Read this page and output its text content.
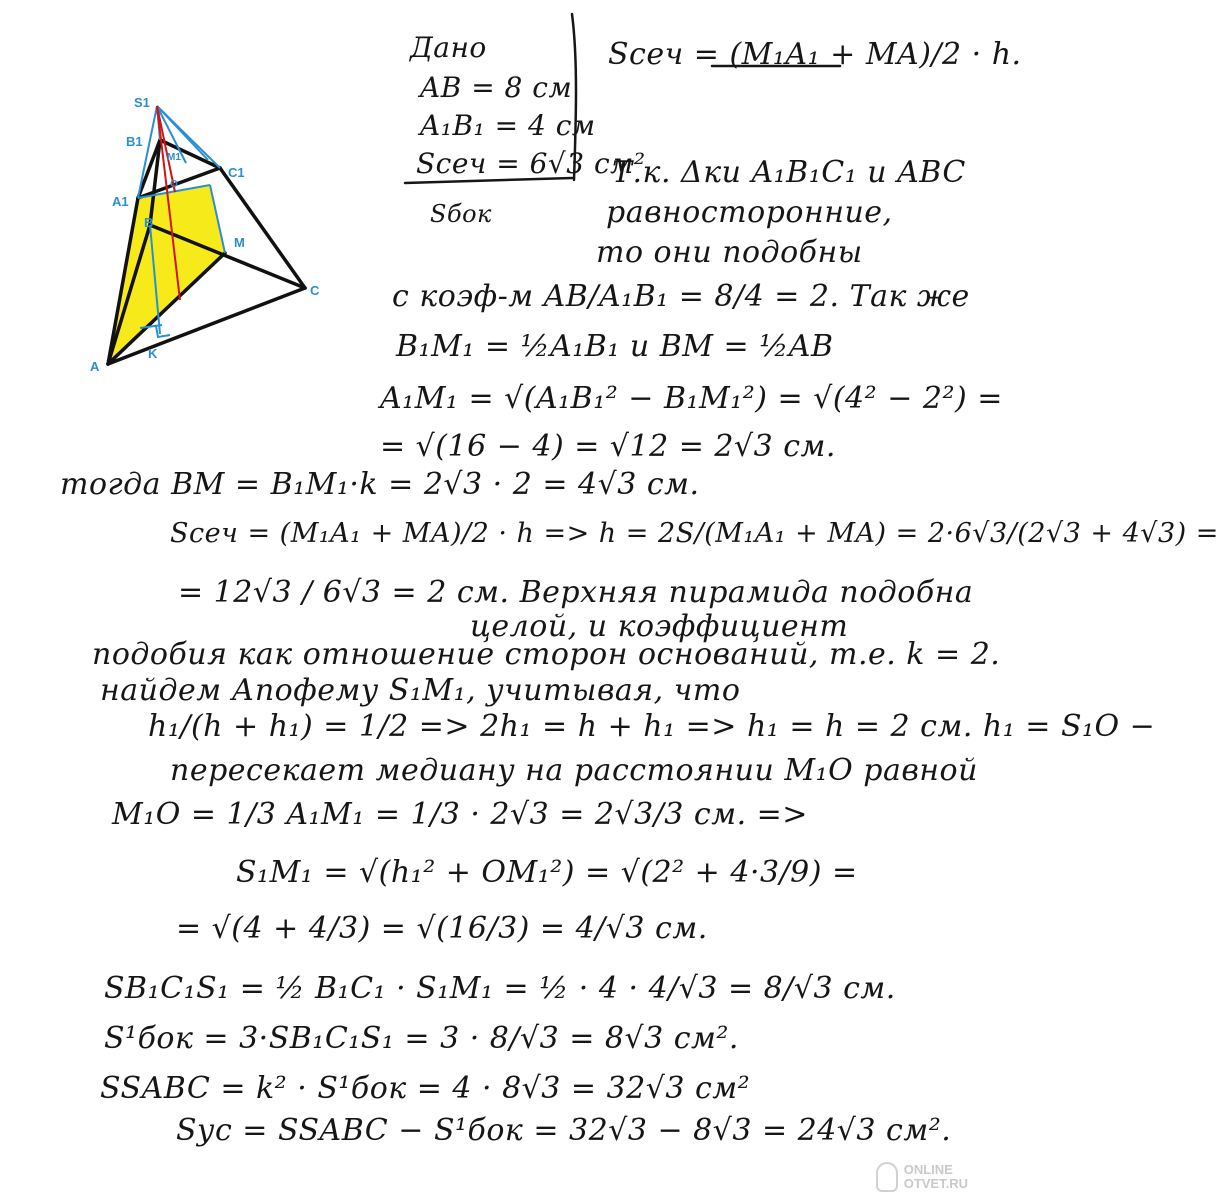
S1
B1
M1
C1
A1
O
B
M
C
A
K
Дано
AB = 8 см
A₁B₁ = 4 см
Sсеч = 6√3 см²
Sбок
Sсеч = (M₁A₁ + MA)/2 · h.
Т.к. Δки A₁B₁C₁ и ABC
равносторонние,
то они подобны
с коэф-м AB/A₁B₁ = 8/4 = 2. Так же
B₁M₁ = ½A₁B₁ и BM = ½AB
A₁M₁ = √(A₁B₁² − B₁M₁²) = √(4² − 2²) =
= √(16 − 4) = √12 = 2√3 см.
тогда BM = B₁M₁·k = 2√3 · 2 = 4√3 см.
Sсеч = (M₁A₁ + MA)/2 · h => h = 2S/(M₁A₁ + MA) = 2·6√3/(2√3 + 4√3) =
= 12√3 / 6√3 = 2 см. Верхняя пирамида подобна
целой, и коэффициент
подобия как отношение сторон оснований, т.е. k = 2.
найдем Апофему S₁M₁, учитывая, что
h₁/(h + h₁) = 1/2 => 2h₁ = h + h₁ => h₁ = h = 2 см. h₁ = S₁O −
пересекает медиану на расстоянии M₁O равной
M₁O = 1/3 A₁M₁ = 1/3 · 2√3 = 2√3/3 см. =>
S₁M₁ = √(h₁² + OM₁²) = √(2² + 4·3/9) =
= √(4 + 4/3) = √(16/3) = 4/√3 см.
SB₁C₁S₁ = ½ B₁C₁ · S₁M₁ = ½ · 4 · 4/√3 = 8/√3 см.
S¹бок = 3·SB₁C₁S₁ = 3 · 8/√3 = 8√3 см².
SSABC = k² · S¹бок = 4 · 8√3 = 32√3 см²
Sус = SSABC − S¹бок = 32√3 − 8√3 = 24√3 см².
ONLINE
OTVET.RU
